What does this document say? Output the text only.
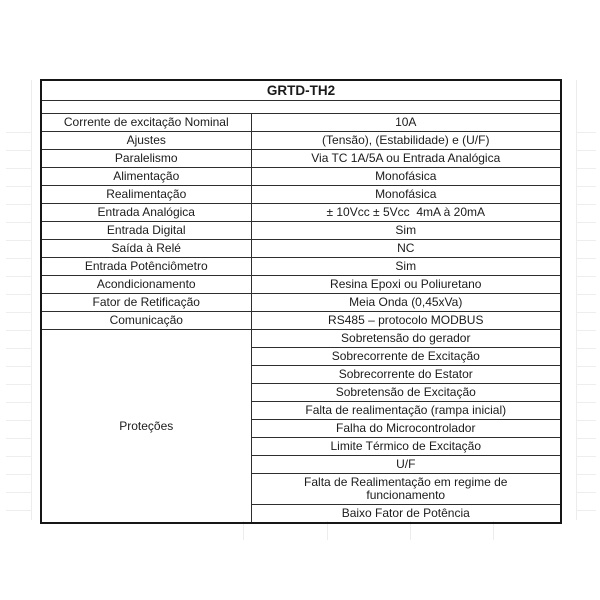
GRTD-TH2	

Corrente de excitação Nominal	10A
Ajustes	(Tensão), (Estabilidade) e (U/F)
Paralelismo	Via TC 1A/5A ou Entrada Analógica
Alimentação	Monofásica
Realimentação	Monofásica
Entrada Analógica	± 10Vcc ± 5Vcc  4mA à 20mA
Entrada Digital	Sim
Saída à Relé	NC
Entrada Potênciômetro	Sim
Acondicionamento	Resina Epoxi ou Poliuretano
Fator de Retificação	Meia Onda (0,45xVa)
Comunicação	RS485 – protocolo MODBUS
Proteções	Sobretensão do gerador
	Sobrecorrente de Excitação
	Sobrecorrente do Estator
	Sobretensão de Excitação
	Falta de realimentação (rampa inicial)
	Falha do Microcontrolador
	Limite Térmico de Excitação
	U/F

	Falta de Realimentação em regime de funcionamento

	Baixo Fator de Potência
